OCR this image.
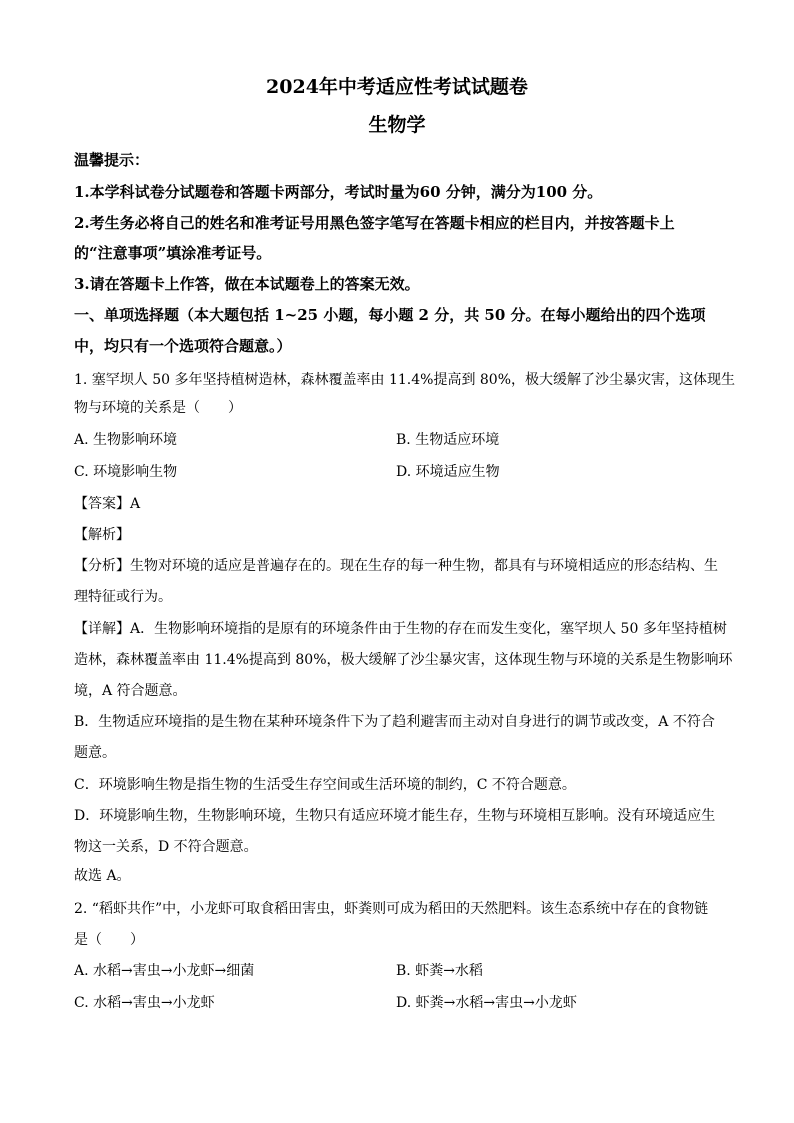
2024年中考适应性考试试题卷
生物学
温馨提示：
1.本学科试卷分试题卷和答题卡两部分，考试时量为60 分钟，满分为100 分。
2.考生务必将自己的姓名和准考证号用黑色签字笔写在答题卡相应的栏目内，并按答题卡上
的“注意事项”填涂准考证号。
3.请在答题卡上作答，做在本试题卷上的答案无效。
一、单项选择题（本大题包括 1~25 小题，每小题 2 分，共 50 分。在每小题给出的四个选项
中，均只有一个选项符合题意。）
1. 塞罕坝人 50 多年坚持植树造林，森林覆盖率由 11.4%提高到 80%，极大缓解了沙尘暴灾害，这体现生
物与环境的关系是（　　）
A. 生物影响环境	B. 生物适应环境
C. 环境影响生物	D. 环境适应生物
【答案】A
【解析】
【分析】生物对环境的适应是普遍存在的。现在生存的每一种生物，都具有与环境相适应的形态结构、生
理特征或行为。
【详解】A．生物影响环境指的是原有的环境条件由于生物的存在而发生变化，塞罕坝人 50 多年坚持植树
造林，森林覆盖率由 11.4%提高到 80%，极大缓解了沙尘暴灾害，这体现生物与环境的关系是生物影响环
境，A 符合题意。
B．生物适应环境指的是生物在某种环境条件下为了趋利避害而主动对自身进行的调节或改变，A 不符合
题意。
C．环境影响生物是指生物的生活受生存空间或生活环境的制约，C 不符合题意。
D．环境影响生物，生物影响环境，生物只有适应环境才能生存，生物与环境相互影响。没有环境适应生
物这一关系，D 不符合题意。
故选 A。
2. “稻虾共作”中，小龙虾可取食稻田害虫，虾粪则可成为稻田的天然肥料。该生态系统中存在的食物链
是（　　）
A. 水稻→害虫→小龙虾→细菌	B. 虾粪→水稻
C. 水稻→害虫→小龙虾	D. 虾粪→水稻→害虫→小龙虾
